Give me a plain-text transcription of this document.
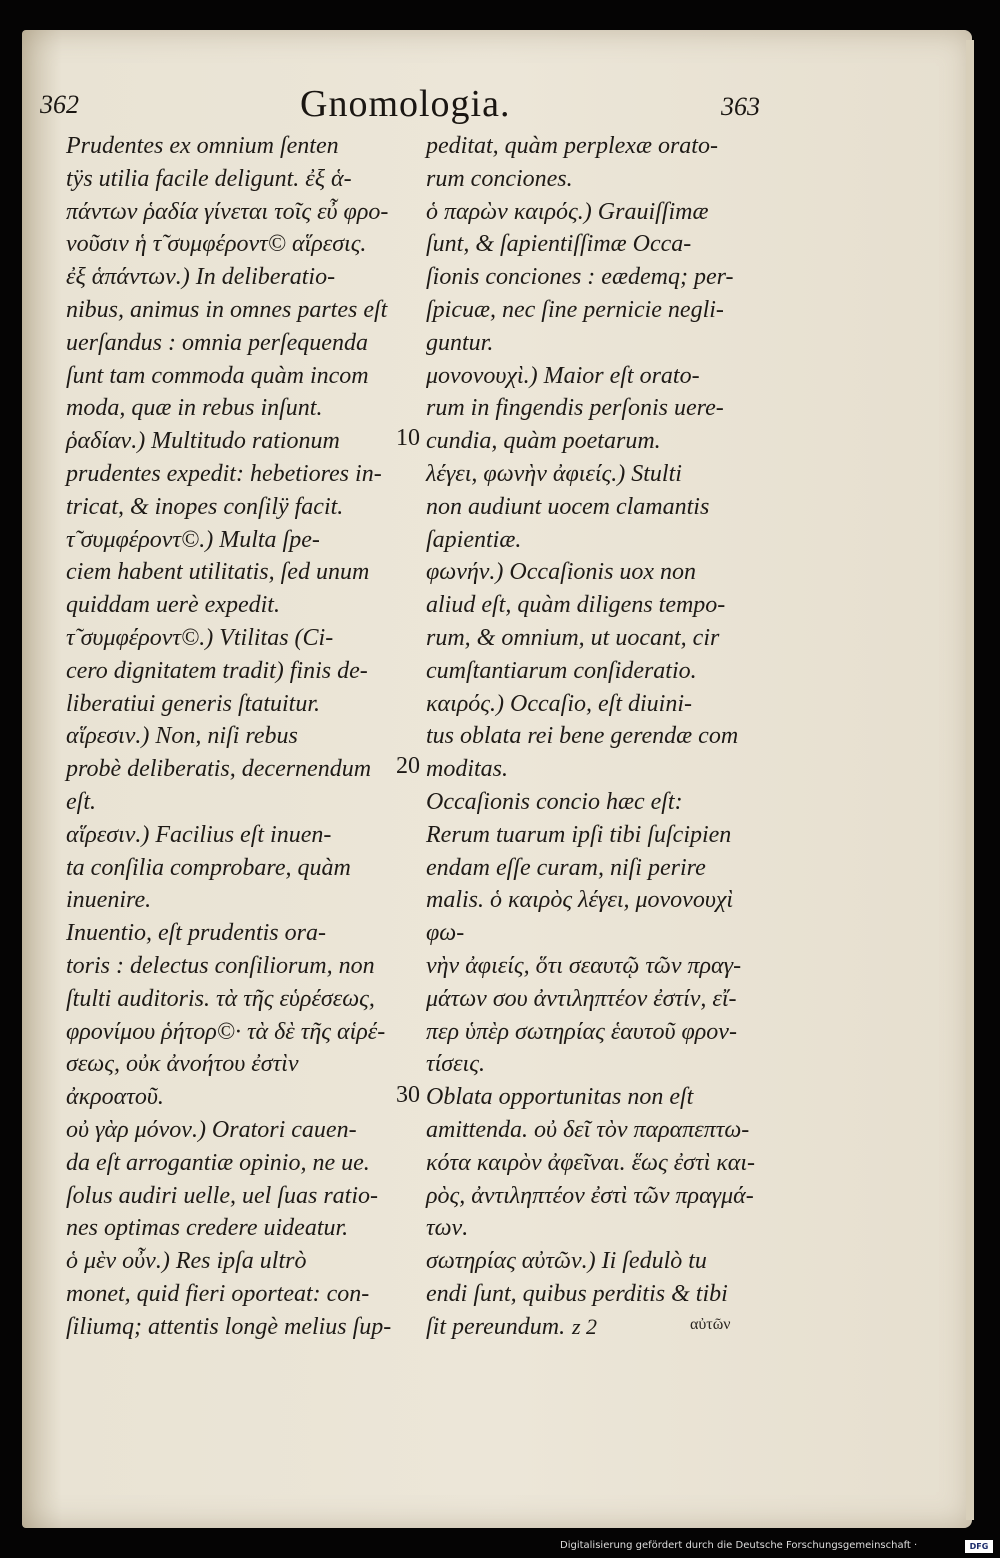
362	Gnomologia.	363

Prudentes ex omnium ſenten

tÿs utilia facile deligunt. ἐξ ἁ-

πάντων ῥαδία γίνεται τοῖς εὖ φρο-

νοῦσιν ἡ τ̃ συμφέροντ© αἵρεσις.

ἐξ ἁπάντων.) In deliberatio-

nibus, animus in omnes partes eſt

uerſandus : omnia perſequenda

ſunt tam commoda quàm incom

moda, quæ in rebus inſunt.

ῥαδίαν.) Multitudo rationum

prudentes expedit: hebetiores in-

tricat, & inopes conſilÿ facit.

τ̃ συμφέροντ©.) Multa ſpe-

ciem habent utilitatis, ſed unum

quiddam uerè expedit.

τ̃ συμφέροντ©.) Vtilitas (Ci-

cero dignitatem tradit) finis de-

liberatiui generis ſtatuitur.

αἵρεσιν.) Non, niſi rebus

probè deliberatis, decernendum

eſt.

αἵρεσιν.) Facilius eſt inuen-

ta conſilia comprobare, quàm

inuenire.

Inuentio, eſt prudentis ora-

toris : delectus conſiliorum, non

ſtulti auditoris. τὰ τῆς εὑρέσεως,

φρονίμου ῥήτορ©· τὰ δὲ τῆς αἱρέ-

σεως, οὐκ ἀνοήτου ἐστὶν ἀκροατοῦ.

οὐ γὰρ μόνον.) Oratori cauen-

da eſt arrogantiæ opinio, ne ue.

ſolus audiri uelle, uel ſuas ratio-

nes optimas credere uideatur.

ὁ μὲν οὖν.) Res ipſa ultrò

monet, quid fieri oporteat: con-

ſiliumq; attentis longè melius ſup-

peditat, quàm perplexæ orato-

rum conciones.

ὁ παρὼν καιρός.) Grauiſſimæ

ſunt, & ſapientiſſimæ Occa-

ſionis conciones : eædemq; per-

ſpicuæ, nec ſine pernicie negli-

guntur.

μονονουχὶ.) Maior eſt orato-

rum in fingendis perſonis uere-

cundia, quàm poetarum.

λέγει, φωνὴν ἀφιείς.) Stulti

non audiunt uocem clamantis

ſapientiæ.

φωνήν.) Occaſionis uox non

aliud eſt, quàm diligens tempo-

rum, & omnium, ut uocant, cir

cumſtantiarum conſideratio.

καιρός.) Occaſio, eſt diuini-

tus oblata rei bene gerendæ com

moditas.

Occaſionis concio hæc eſt:

Rerum tuarum ipſi tibi ſuſcipien

endam eſſe curam, niſi perire

malis. ὁ καιρὸς λέγει, μονονουχὶ φω-

νὴν ἀφιείς, ὅτι σεαυτῷ τῶν πραγ-

μάτων σου ἀντιληπτέον ἐστίν, εἴ-

περ ὑπὲρ σωτηρίας ἑαυτοῦ φρον-

τίσεις.

Oblata opportunitas non eſt

amittenda. οὐ δεῖ τὸν παραπεπτω-

κότα καιρὸν ἀφεῖναι. ἕως ἐστὶ και-

ρὸς, ἀντιληπτέον ἐστὶ τῶν πραγμά-

των.

σωτηρίας αὐτῶν.) Ii ſedulò tu

endi ſunt, quibus perditis & tibi

ſit pereundum.

10
20
30
z 2	αὐτῶν
Digitalisierung gefördert durch die Deutsche Forschungsgemeinschaft ·	DFG
